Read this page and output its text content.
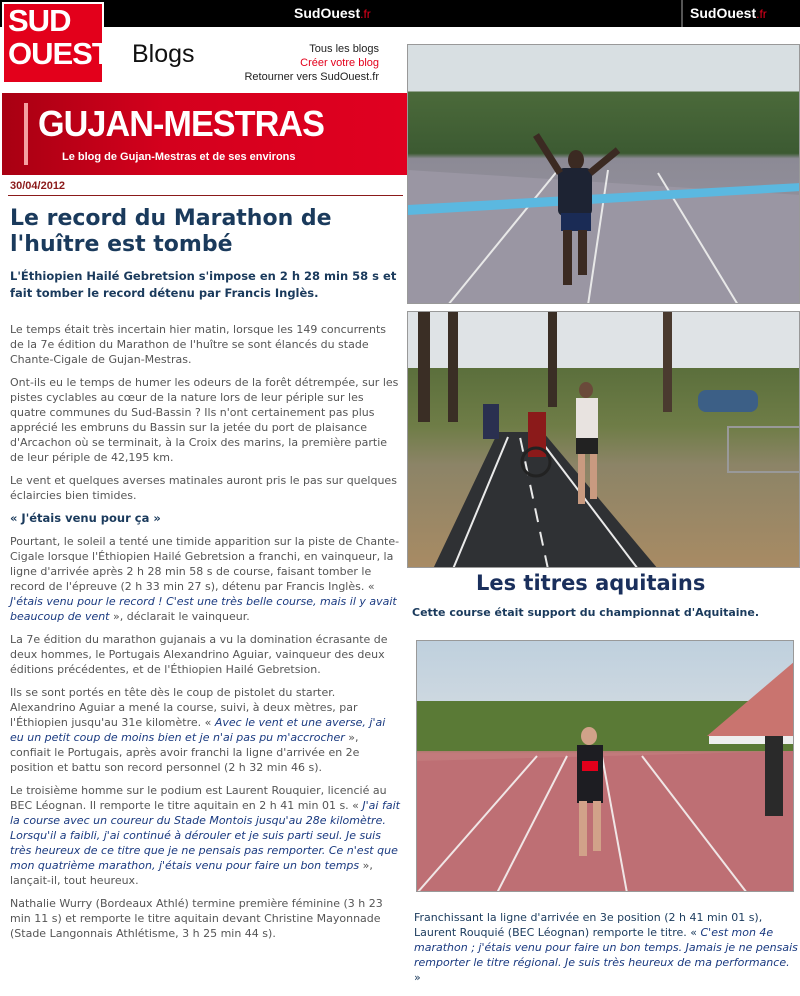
SudOuest.fr	SudOuest.fr
SUD
OUEST Blogs	Tous les blogs
Créer votre blog
Retourner vers SudOuest.fr
GUJAN-MESTRAS
Le blog de Gujan-Mestras et de ses environs
30/04/2012
Le record du Marathon de l'huître est tombé
L'Éthiopien Hailé Gebretsion s'impose en 2 h 28 min 58 s et fait tomber le record détenu par Francis Inglès.

Le temps était très incertain hier matin, lorsque les 149 concurrents de la 7e édition du Marathon de l'huître se sont élancés du stade Chante-Cigale de Gujan-Mestras.

Ont-ils eu le temps de humer les odeurs de la forêt détrempée, sur les pistes cyclables au cœur de la nature lors de leur périple sur les quatre communes du Sud-Bassin ? Ils n'ont certainement pas plus apprécié les embruns du Bassin sur la jetée du port de plaisance d'Arcachon où se terminait, à la Croix des marins, la première partie de leur périple de 42,195 km.

Le vent et quelques averses matinales auront pris le pas sur quelques éclaircies bien timides.

« J'étais venu pour ça »

Pourtant, le soleil a tenté une timide apparition sur la piste de Chante-Cigale lorsque l'Éthiopien Hailé Gebretsion a franchi, en vainqueur, la ligne d'arrivée après 2 h 28 min 58 s de course, faisant tomber le record de l'épreuve (2 h 33 min 27 s), détenu par Francis Inglès. « J'étais venu pour le record ! C'est une très belle course, mais il y avait beaucoup de vent », déclarait le vainqueur.

La 7e édition du marathon gujanais a vu la domination écrasante de deux hommes, le Portugais Alexandrino Aguiar, vainqueur des deux éditions précédentes, et de l'Éthiopien Hailé Gebretsion.

Ils se sont portés en tête dès le coup de pistolet du starter. Alexandrino Aguiar a mené la course, suivi, à deux mètres, par l'Éthiopien jusqu'au 31e kilomètre. « Avec le vent et une averse, j'ai eu un petit coup de moins bien et je n'ai pas pu m'accrocher », confiait le Portugais, après avoir franchi la ligne d'arrivée en 2e position et battu son record personnel (2 h 32 min 46 s).

Le troisième homme sur le podium est Laurent Rouquier, licencié au BEC Léognan. Il remporte le titre aquitain en 2 h 41 min 01 s. « J'ai fait la course avec un coureur du Stade Montois jusqu'au 28e kilomètre. Lorsqu'il a faibli, j'ai continué à dérouler et je suis parti seul. Je suis très heureux de ce titre que je ne pensais pas remporter. Ce n'est que mon quatrième marathon, j'étais venu pour faire un bon temps », lançait-il, tout heureux.

Nathalie Wurry (Bordeaux Athlé) termine première féminine (3 h 23 min 11 s) et remporte le titre aquitain devant Christine Mayonnade (Stade Langonnais Athlétisme, 3 h 25 min 44 s).

Les titres aquitains
Cette course était support du championnat d'Aquitaine.
Franchissant la ligne d'arrivée en 3e position (2 h 41 min 01 s), Laurent Rouquié (BEC Léognan) remporte le titre. « C'est mon 4e marathon ; j'étais venu pour faire un bon temps. Jamais je ne pensais remporter le titre régional. Je suis très heureux de ma performance. »
